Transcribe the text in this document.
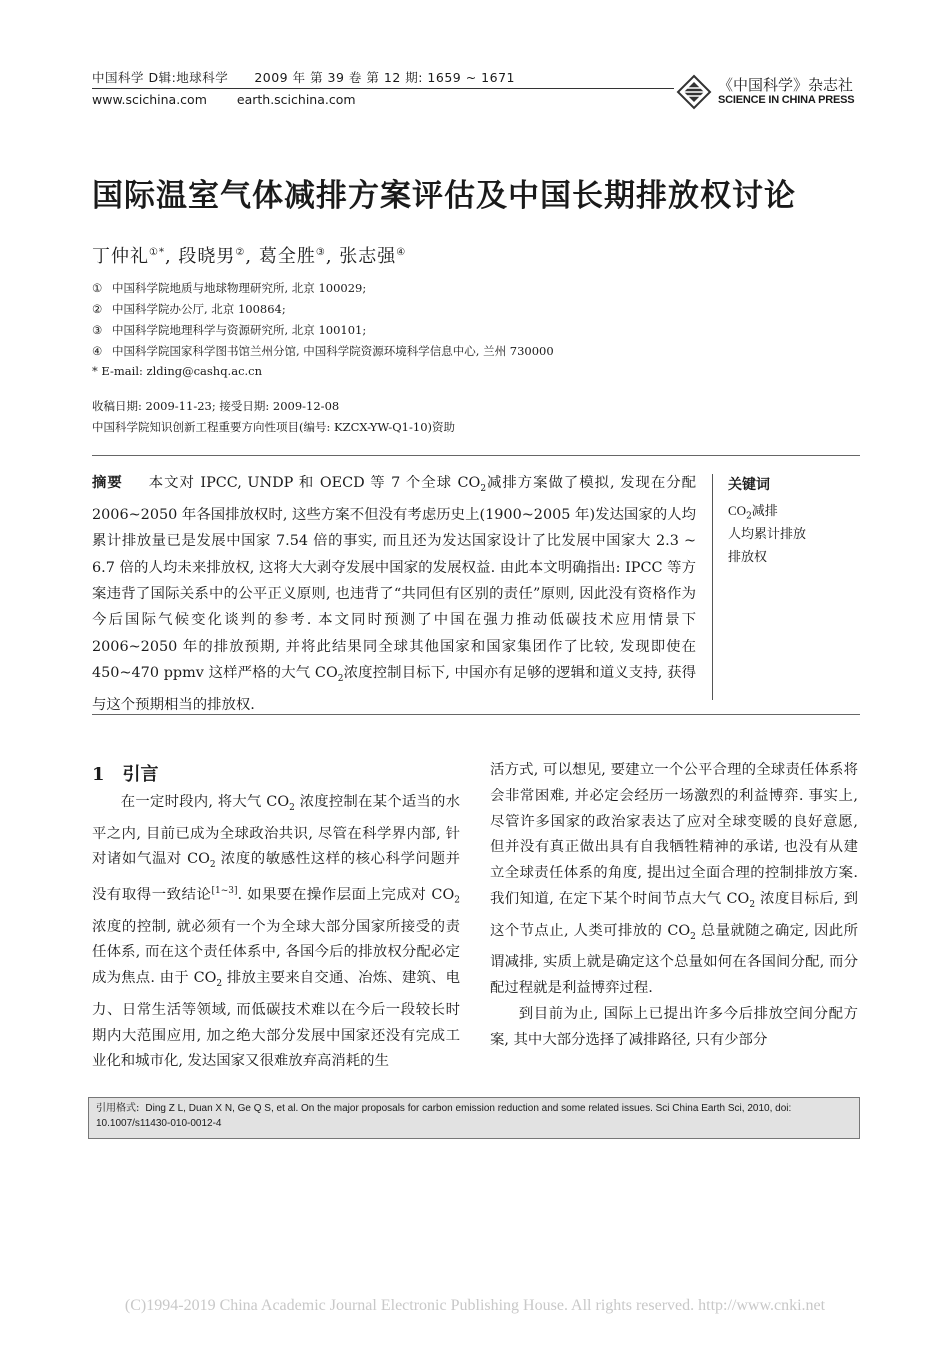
中国科学 D辑:地球科学 2009 年 第 39 卷 第 12 期: 1659 ~ 1671
www.scichina.com earth.scichina.com
《中国科学》杂志社
SCIENCE IN CHINA PRESS
国际温室气体减排方案评估及中国长期排放权讨论
丁仲礼①*, 段晓男②, 葛全胜③, 张志强④
① 中国科学院地质与地球物理研究所, 北京 100029;
② 中国科学院办公厅, 北京 100864;
③ 中国科学院地理科学与资源研究所, 北京 100101;
④ 中国科学院国家科学图书馆兰州分馆, 中国科学院资源环境科学信息中心, 兰州 730000
* E-mail: zlding@cashq.ac.cn
收稿日期: 2009-11-23; 接受日期: 2009-12-08
中国科学院知识创新工程重要方向性项目(编号: KZCX-YW-Q1-10)资助
摘要 本文对 IPCC, UNDP 和 OECD 等 7 个全球 $CO_2$减排方案做了模拟, 发现在分配 2006~2050 年各国排放权时, 这些方案不但没有考虑历史上(1900~2005 年)发达国家的人均累计排放量已是发展中国家 7.54 倍的事实, 而且还为发达国家设计了比发展中国家大 2.3 ~ 6.7 倍的人均未来排放权, 这将大大剥夺发展中国家的发展权益. 由此本文明确指出: IPCC 等方案违背了国际关系中的公平正义原则, 也违背了“共同但有区别的责任”原则, 因此没有资格作为今后国际气候变化谈判的参考. 本文同时预测了中国在强力推动低碳技术应用情景下 2006~2050 年的排放预期, 并将此结果同全球其他国家和国家集团作了比较, 发现即使在 450~470 ppmv 这样严格的大气 $CO_2$浓度控制目标下, 中国亦有足够的逻辑和道义支持, 获得与这个预期相当的排放权.
关键词
$CO_2$减排
人均累计排放
排放权
1 引言
在一定时段内, 将大气 $CO_2$ 浓度控制在某个适当的水平之内, 目前已成为全球政治共识, 尽管在科学界内部, 针对诸如气温对 $CO_2$ 浓度的敏感性这样的核心科学问题并没有取得一致结论[1~3]. 如果要在操作层面上完成对 $CO_2$ 浓度的控制, 就必须有一个为全球大部分国家所接受的责任体系, 而在这个责任体系中, 各国今后的排放权分配必定成为焦点. 由于 $CO_2$ 排放主要来自交通、冶炼、建筑、电力、日常生活等领域, 而低碳技术难以在今后一段较长时期内大范围应用, 加之绝大部分发展中国家还没有完成工业化和城市化, 发达国家又很难放弃高消耗的生
活方式, 可以想见, 要建立一个公平合理的全球责任体系将会非常困难, 并必定会经历一场激烈的利益博弈. 事实上, 尽管许多国家的政治家表达了应对全球变暖的良好意愿, 但并没有真正做出具有自我牺牲精神的承诺, 也没有从建立全球责任体系的角度, 提出过全面合理的控制排放方案. 我们知道, 在定下某个时间节点大气 $CO_2$ 浓度目标后, 到这个节点止, 人类可排放的 $CO_2$ 总量就随之确定, 因此所谓减排, 实质上就是确定这个总量如何在各国间分配, 而分配过程就是利益博弈过程.
到目前为止, 国际上已提出许多今后排放空间分配方案, 其中大部分选择了减排路径, 只有少部分
引用格式: Ding Z L, Duan X N, Ge Q S, et al. On the major proposals for carbon emission reduction and some related issues. Sci China Earth Sci, 2010, doi: 10.1007/s11430-010-0012-4
(C)1994-2019 China Academic Journal Electronic Publishing House. All rights reserved. http://www.cnki.net
